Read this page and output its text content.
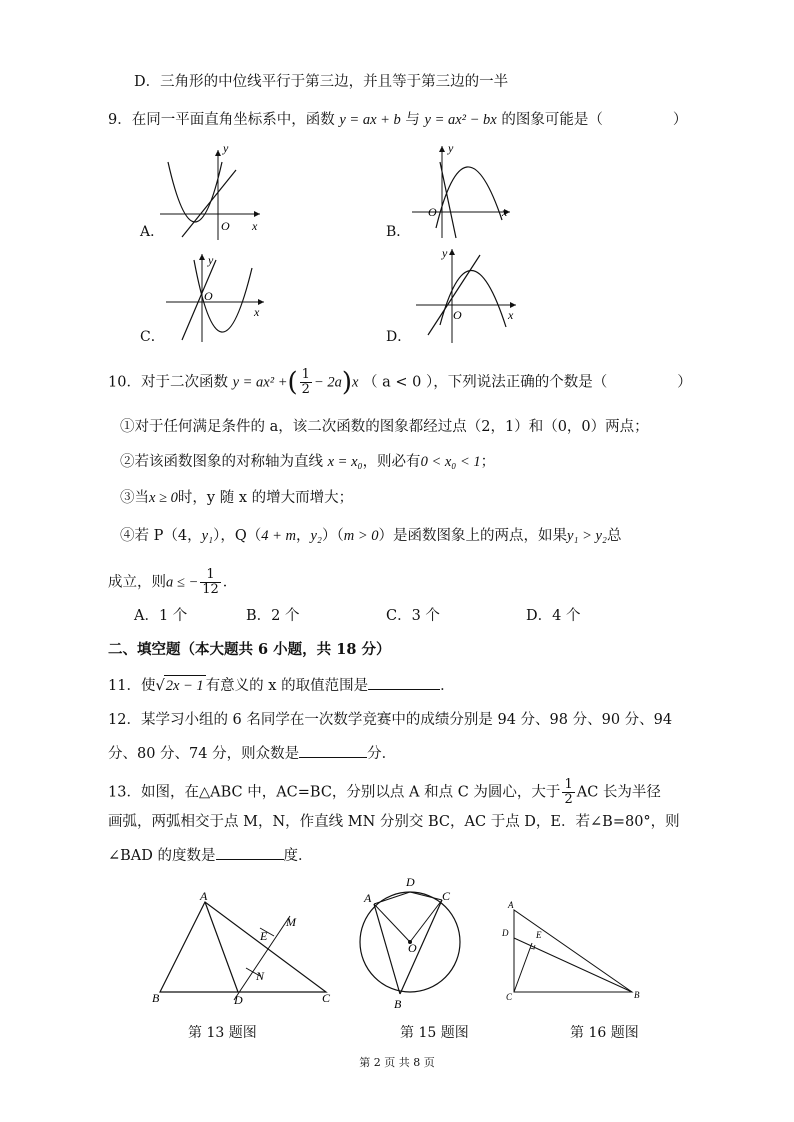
D．三角形的中位线平行于第三边，并且等于第三边的一半
9．在同一平面直角坐标系中，函数 y = ax + b 与 y = ax² − bx 的图象可能是（	）
A．
y
x
O	B．
y
x
O
C．
y
x
O
D．
y
x
O
10．对于二次函数 y = ax² +( $\frac{1}{2} - 2a)x$ （ a < 0 ），下列说法正确的个数是（	）
①对于任何满足条件的 a，该二次函数的图象都经过点（2，1）和（0，0）两点；
②若该函数图象的对称轴为直线 x = x₀，则必有0 < x₀ < 1；
③当x ≥ 0时，y 随 x 的增大而增大；
④若 P（4，y₁），Q（4 + m，y₂）（m > 0）是函数图象上的两点，如果y₁ > y₂总
成立，则a ≤ − $\frac{1}{12}$ ．
A．1 个	B．2 个	C．3 个	D．4 个
二、填空题（本大题共 6 小题，共 18 分）
11．使√2x − 1 有意义的 x 的取值范围是	．
12．某学习小组的 6 名同学在一次数学竞赛中的成绩分别是 94 分、98 分、90 分、94
分、80 分、74 分，则众数是	分．
13．如图，在△ABC 中，AC=BC，分别以点 A 和点 C 为圆心，大于 $\frac{1}{2}$ AC 长为半径
画弧，两弧相交于点 M，N，作直线 MN 分别交 BC，AC 于点 D，E．若∠B=80°，则
∠BAD 的度数是	度．
A
B	C
D
E
M
N
第 13 题图
A
B
C
D
O
第 15 题图
A
B
C
D	E
第 16 题图
第 2 页 共 8 页
